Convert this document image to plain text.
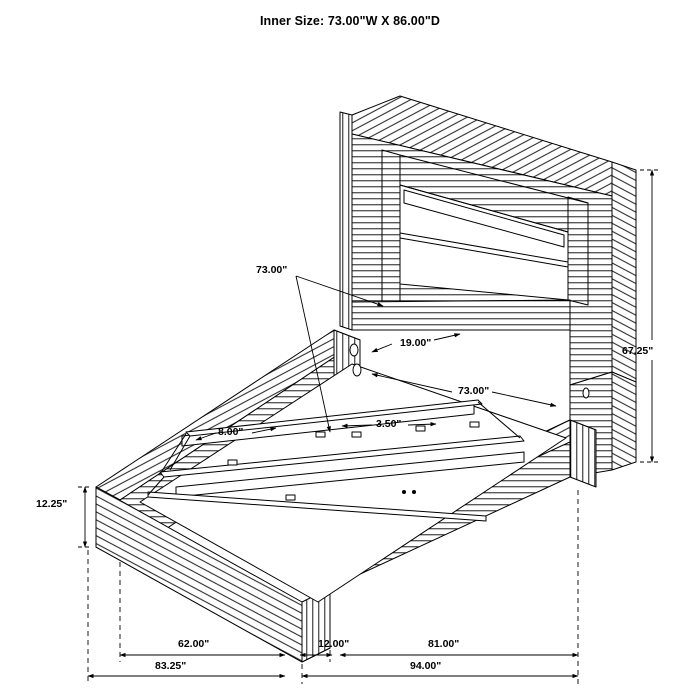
Inner Size: 73.00"W X 86.00"D
73.00"
19.00"
73.00"
3.50"
8.00"
12.25"
67.25"
62.00"
83.25"
12.00"	81.00"
94.00"
